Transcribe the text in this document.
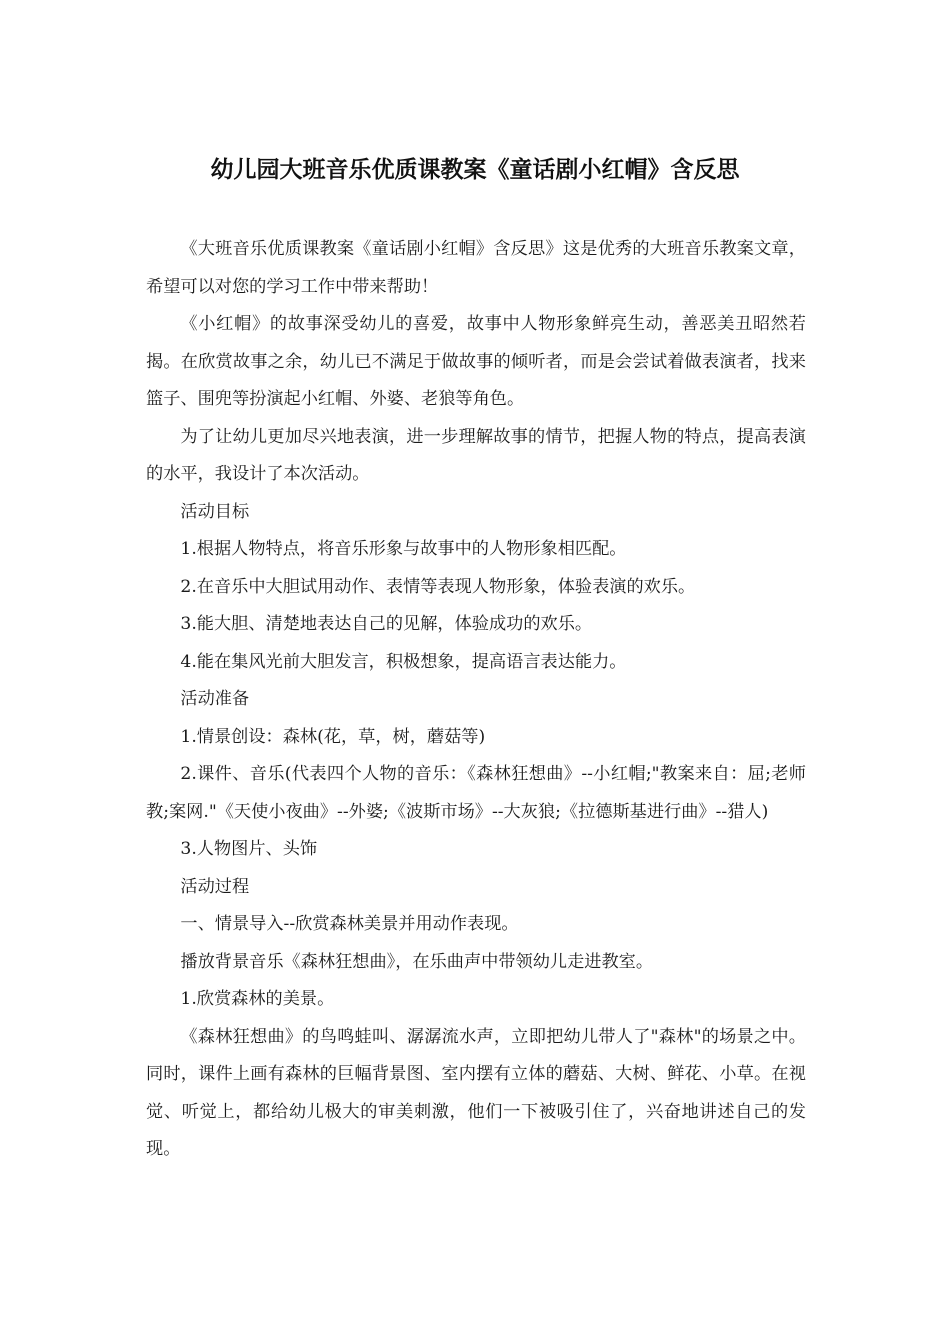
幼儿园大班音乐优质课教案《童话剧小红帽》含反思

《大班音乐优质课教案《童话剧小红帽》含反思》这是优秀的大班音乐教案文章，希望可以对您的学习工作中带来帮助！

《小红帽》的故事深受幼儿的喜爱，故事中人物形象鲜亮生动，善恶美丑昭然若揭。在欣赏故事之余，幼儿已不满足于做故事的倾听者，而是会尝试着做表演者，找来篮子、围兜等扮演起小红帽、外婆、老狼等角色。

为了让幼儿更加尽兴地表演，进一步理解故事的情节，把握人物的特点，提高表演的水平，我设计了本次活动。

活动目标

1.根据人物特点，将音乐形象与故事中的人物形象相匹配。

2.在音乐中大胆试用动作、表情等表现人物形象，体验表演的欢乐。

3.能大胆、清楚地表达自己的见解，体验成功的欢乐。

4.能在集风光前大胆发言，积极想象，提高语言表达能力。

活动准备

1.情景创设：森林(花，草，树，蘑菇等)

2.课件、音乐(代表四个人物的音乐：《森林狂想曲》--小红帽;"教案来自：屈;老师教;案网."《天使小夜曲》--外婆;《波斯市场》--大灰狼;《拉德斯基进行曲》--猎人)

3.人物图片、头饰

活动过程

一、情景导入--欣赏森林美景并用动作表现。

播放背景音乐《森林狂想曲》，在乐曲声中带领幼儿走进教室。

1.欣赏森林的美景。

《森林狂想曲》的鸟鸣蛙叫、潺潺流水声，立即把幼儿带人了"森林"的场景之中。同时，课件上画有森林的巨幅背景图、室内摆有立体的蘑菇、大树、鲜花、小草。在视觉、听觉上，都给幼儿极大的审美刺激，他们一下被吸引住了，兴奋地讲述自己的发现。
